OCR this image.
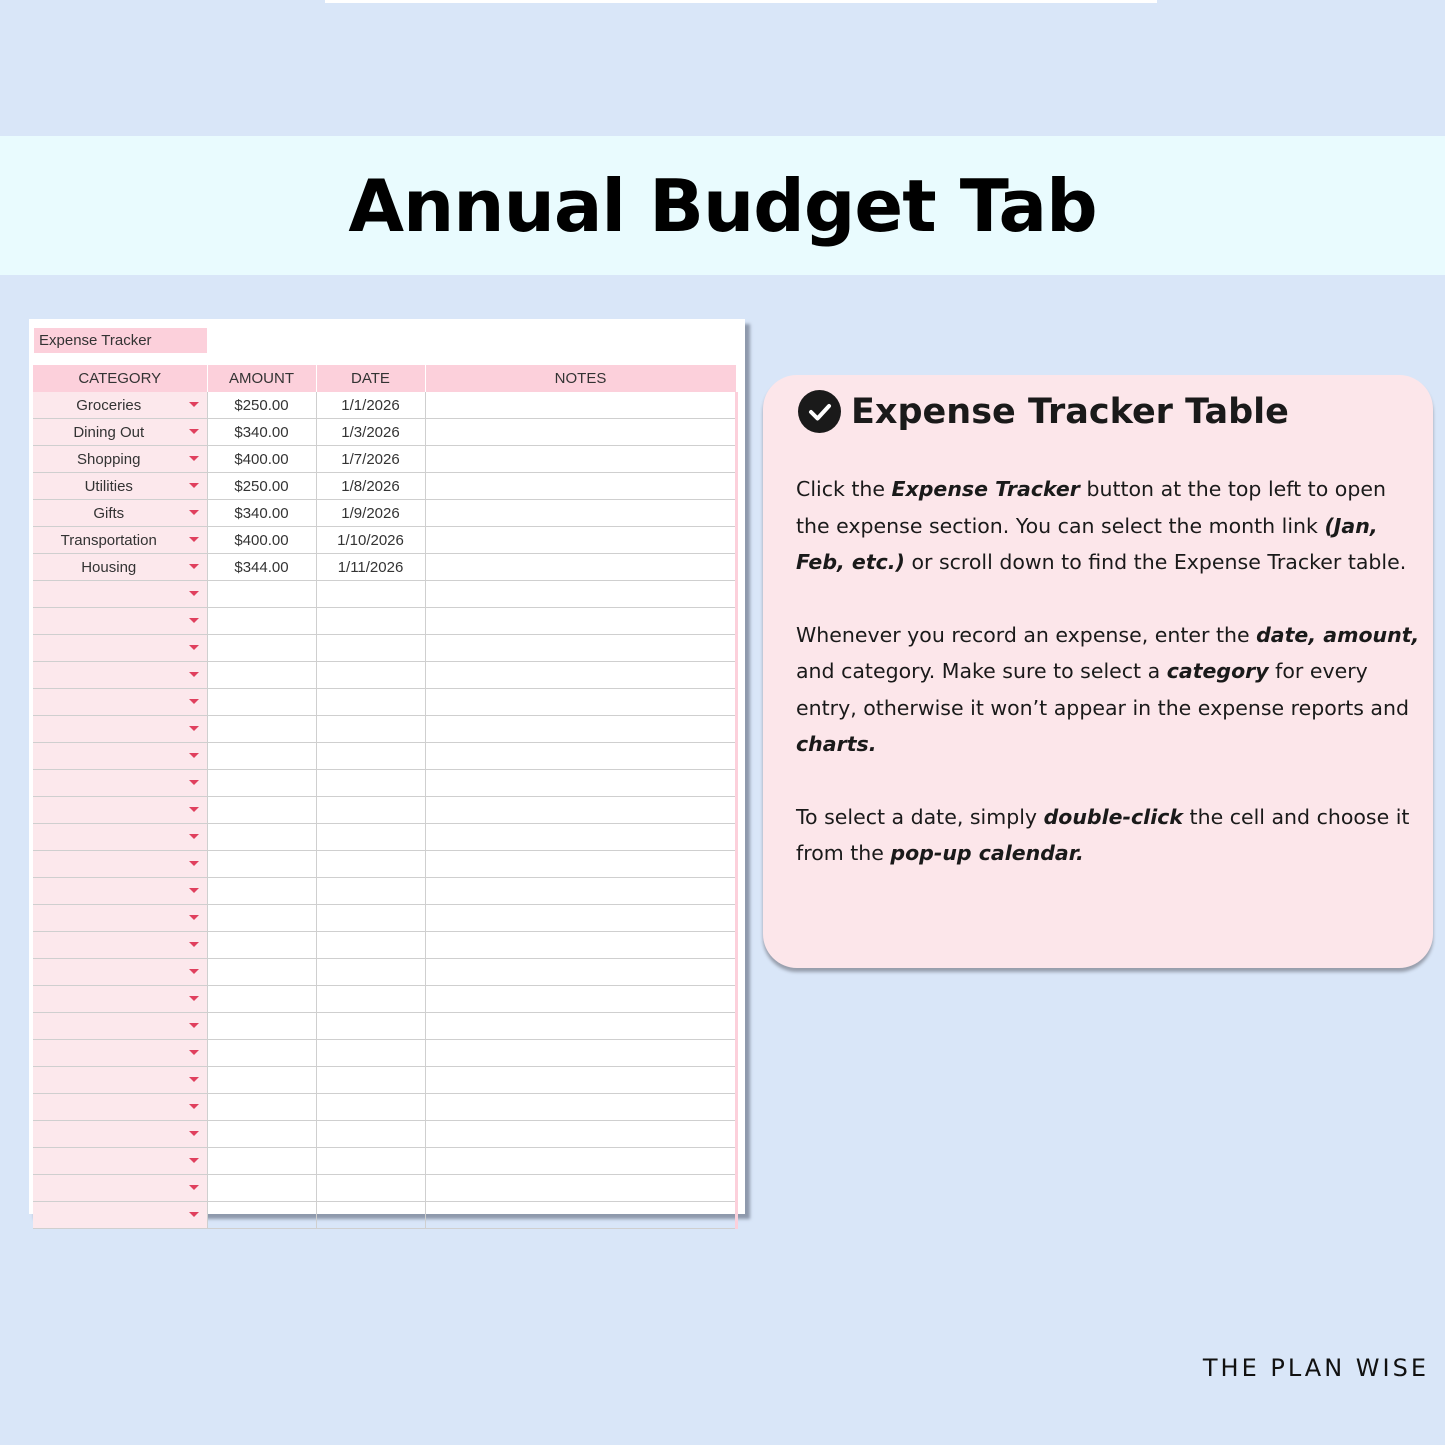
Annual Budget Tab
Expense Tracker
CATEGORY	AMOUNT	DATE	NOTES
Groceries	$250.00	1/1/2026	
Dining Out	$340.00	1/3/2026	
Shopping	$400.00	1/7/2026	
Utilities	$250.00	1/8/2026	
Gifts	$340.00	1/9/2026	
Transportation	$400.00	1/10/2026	
Housing	$344.00	1/11/2026	

Expense Tracker Table

Click the Expense Tracker button at the top left to open the expense section. You can select the month link (Jan, Feb, etc.) or scroll down to find the Expense Tracker table.

Whenever you record an expense, enter the date, amount, and category. Make sure to select a category for every entry, otherwise it won’t appear in the expense reports and charts.

To select a date, simply double-click the cell and choose it from the pop-up calendar.

THE PLAN WISE
